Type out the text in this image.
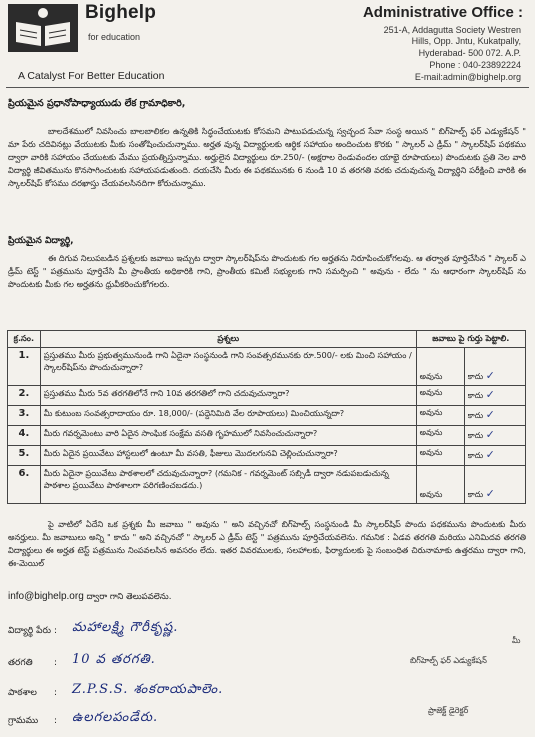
Bighelp
for education
A Catalyst For Better Education
Administrative Office :
251-A, Addagutta Society Westren
Hills, Opp. Jntu, Kukatpally,
Hyderabad- 500 072. A.P.
Phone : 040-23892224
E-mail:admin@bighelp.org
ప్రియమైన ప్రధానోపాధ్యాయుడు లేక గ్రామాధికారి,
బాలదేశములో నివసించు బాలబాలికల ఉన్నతికి సిద్ధంచేయుటకు కోసమని పాటుపడుచున్న స్వచ్ఛంద సేవా సంస్థ అయిన " బిగ్‌హెల్ప్ ఫర్ ఎడ్యుకేషన్ " మా పేరు చదివినట్లు వేయుటకు మీకు సంతోషించుచున్నాము. అర్హత వున్న విద్యార్థులకు ఆర్థిక సహాయం అందించుట కొరకు " స్కాలర్ ఎ డ్రీమ్ " స్కాలర్‌షిప్ పథకము ద్వారా వారికి సహాయం చేయుటకు మేము ప్రయత్నిస్తున్నాము. అర్హులైన విద్యార్థులు రూ.250/- (అక్షరాల రెండువందల యాభై రూపాయలు) పొందుటకు ప్రతి నెల వారి విద్యార్థి జీవితమును కొనసాగించుటకు సహాయపడుతుంది. దయచేసి మీరు ఈ పథకమునకు 6 నుండి 10 వ తరగతి వరకు చదువుచున్న విద్యార్థిని పరీక్షించి వారికి ఈ స్కాలర్‌షిప్ కోసము దరఖాస్తు చేయవలసినదిగా కోరుచున్నాము.
ప్రియమైన విద్యార్థి,
ఈ దిగువ నిలుపబడిన ప్రశ్నలకు జవాబు ఇచ్చుట ద్వారా స్కాలర్‌షిప్‌ను పొందుటకు గల అర్హతను నిరూపించుకోగలవు. ఆ తర్వాత పూర్తిచేసిన " స్కాలర్ ఎ డ్రీమ్ టెస్ట్ " పత్రమును పూర్తిచేసి మీ ప్రాంతీయ అధికారికి గాని, ప్రాంతీయ కమిటీ సభ్యులకు గాని సమర్పించి " అవును - లేదు " ను ఆధారంగా స్కాలర్‌షిప్ ను పొందుటకు మీకు గల అర్హతను ధ్రువీకరించుకోగలరు.
క్ర.సం.	ప్రశ్నలు	జవాబు పై గుర్తు పెట్టాలి.	
1.	ప్రస్తుతము మీరు ప్రభుత్వమునుండి గాని ఏదైనా సంస్థనుండి గాని సంవత్సరమునకు రూ.500/- లకు మించి సహాయం / స్కాలర్‌షిప్‌ను పొందుచున్నారా?	అవును	కాదు ✓
2.	ప్రస్తుతము మీరు 5వ తరగతిలోనే గాని 10వ తరగతిలో గాని చదువుచున్నారా?	అవును	కాదు ✓
3.	మీ కుటుంబ సంవత్సరాదాయం రూ. 18,000/- (పద్దెనిమిది వేల రూపాయలు) మించియున్నదా?	అవును	కాదు ✓
4.	మీరు గవర్నమెంటు వారి ఏదైన సాంఘిక సంక్షేమ వసతి గృహములో నివసించుచున్నారా?	అవును	కాదు ✓
5.	మీరు ఏదైన ప్రయివేటు హాస్టలులో ఉంటూ మీ వసతి, ఫీజులు మొదలగునవి చెల్లించుచున్నారా?	అవును	కాదు ✓
6.	మీరు ఏదైనా ప్రయివేటు పాఠశాలలో చదువుచున్నారా? (గమనిక - గవర్నమెంట్ సబ్సిడీ ద్వారా నడుపబడుచున్న పాఠశాల ప్రయివేటు పాఠశాలగా పరిగణించబడదు.)	అవును	కాదు ✓
పై వాటిలో ఏదేని ఒక ప్రశ్నకు మీ జవాబు " అవును " అని వచ్చినచో బిగ్‌హెల్ప్ సంస్థనుండి మీ స్కాలర్‌షిప్ పొందు పధకమును పొందుటకు మీరు అనర్హులు. మీ జవాబులు అన్ని " కాదు " అని వచ్చినచో " స్కాలర్ ఎ డ్రీమ్ టెస్ట్ " పత్రమును పూర్తిచేయవలెను. గమనిక : ఏడవ తరగతి మరియు ఎనిమిదవ తరగతి విద్యార్థులు ఈ అర్హత టెస్ట్ పత్రమును నింపవలసిన అవసరం లేదు. ఇతర వివరములకు, సలహాలకు, ఫిర్యాదులకు పై సంబంధిత చిరునామాకు ఉత్తరము ద్వారా గాని, ఈ-మెయిల్
info@bighelp.org ద్వారా గాని తెలుపవలెను.
విద్యార్థి పేరు : మహాలక్ష్మి గౌరీకృష్ణ.
తరగతి : 10 వ తరగతి.
పాఠశాల : Z.P.S.S. శంకరాయపాలెం.
గ్రామము : ఉలగలపండేరు.
మీ
బిగ్‌హెల్ప్ ఫర్ ఎడ్యుకేషన్
ప్రాజెక్ట్ డైరెక్టర్
